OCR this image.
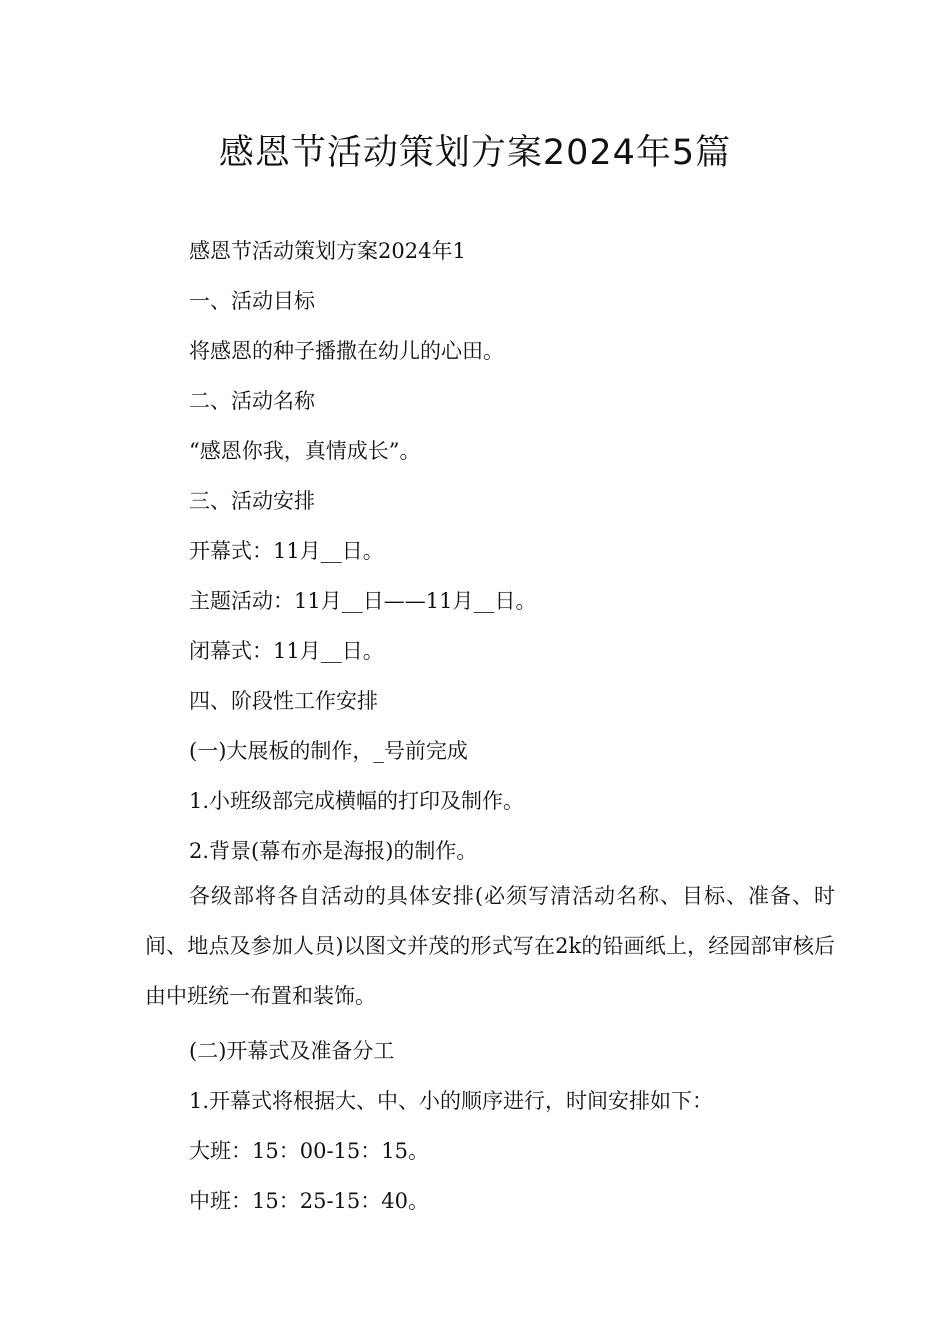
感恩节活动策划方案2024年5篇
感恩节活动策划方案2024年1
一、活动目标
将感恩的种子播撒在幼儿的心田。
二、活动名称
“感恩你我，真情成长”。
三、活动安排
开幕式：11月__日。
主题活动：11月__日——11月__日。
闭幕式：11月__日。
四、阶段性工作安排
(一)大展板的制作，_号前完成
1.小班级部完成横幅的打印及制作。
2.背景(幕布亦是海报)的制作。
各级部将各自活动的具体安排(必须写清活动名称、目标、准备、时间、地点及参加人员)以图文并茂的形式写在2k的铅画纸上，经园部审核后由中班统一布置和装饰。
(二)开幕式及准备分工
1.开幕式将根据大、中、小的顺序进行，时间安排如下：
大班：15：00-15：15。
中班：15：25-15：40。
